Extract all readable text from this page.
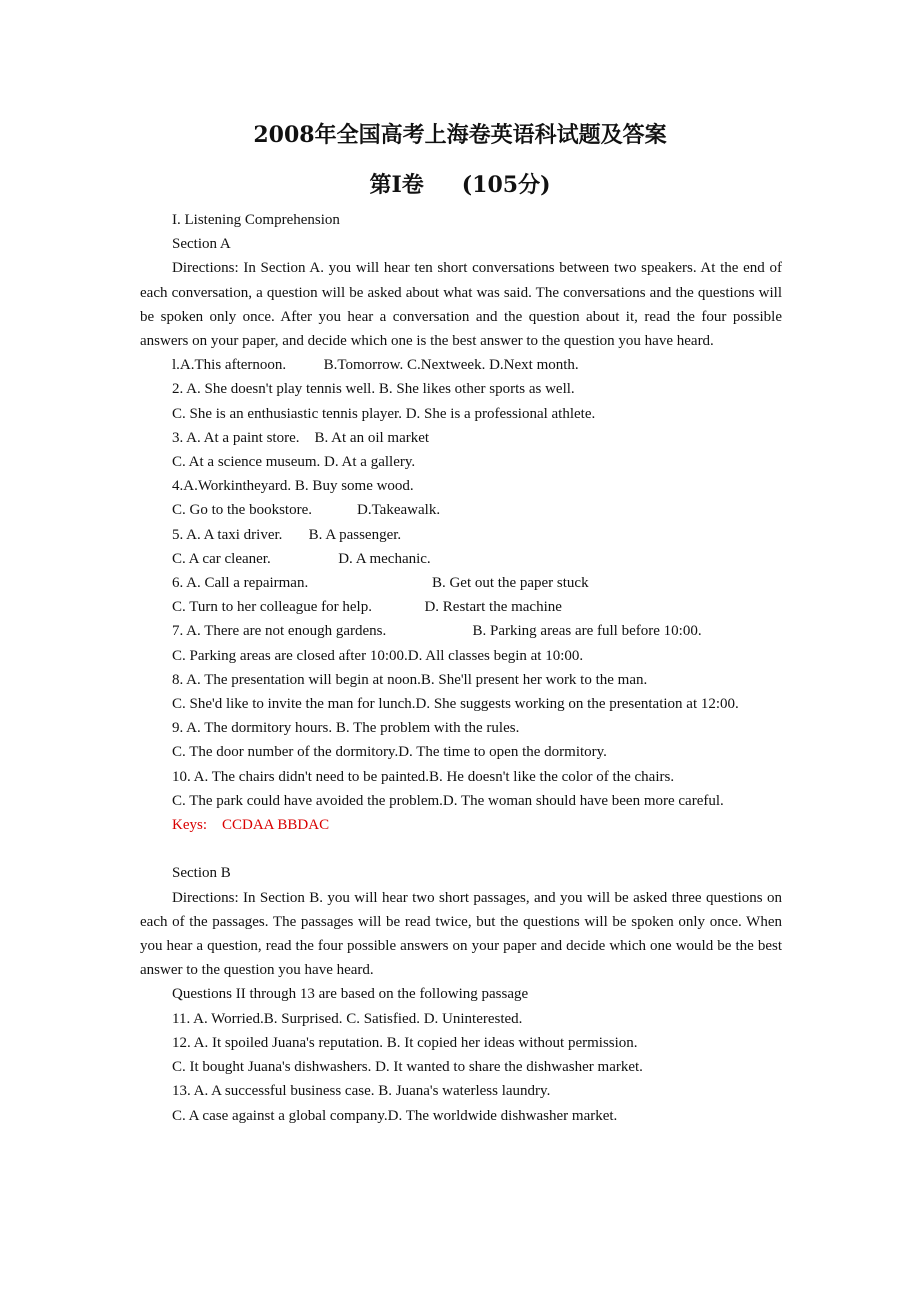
2008年全国高考上海卷英语科试题及答案
第I卷 (105分)

I. Listening Comprehension

Section A

Directions: In Section A. you will hear ten short conversations between two speakers. At the end of each conversation, a question will be asked about what was said. The conversations and the questions will be spoken only once. After you hear a conversation and the question about it, read the four possible answers on your paper, and decide which one is the best answer to the question you have heard.

l.A.This afternoon.          B.Tomorrow. C.Nextweek. D.Next month.

2. A. She doesn't play tennis well. B. She likes other sports as well.

C. She is an enthusiastic tennis player. D. She is a professional athlete.

3. A. At a paint store.    B. At an oil market

C. At a science museum. D. At a gallery.

4.A.Workintheyard. B. Buy some wood.

C. Go to the bookstore.            D.Takeawalk.

5. A. A taxi driver.       B. A passenger.

C. A car cleaner.                  D. A mechanic.

6. A. Call a repairman.                                 B. Get out the paper stuck

C. Turn to her colleague for help.              D. Restart the machine

7. A. There are not enough gardens.                       B. Parking areas are full before 10:00.

C. Parking areas are closed after 10:00.D. All classes begin at 10:00.

8. A. The presentation will begin at noon.B. She'll present her work to the man.

C. She'd like to invite the man for lunch.D. She suggests working on the presentation at 12:00.

9. A. The dormitory hours. B. The problem with the rules.

C. The door number of the dormitory.D. The time to open the dormitory.

10. A. The chairs didn't need to be painted.B. He doesn't like the color of the chairs.

C. The park could have avoided the problem.D. The woman should have been more careful.

Keys:    CCDAA BBDAC

Section B

Directions: In Section B. you will hear two short passages, and you will be asked three questions on each of the passages. The passages will be read twice, but the questions will be spoken only once. When you hear a question, read the four possible answers on your paper and decide which one would be the best answer to the question you have heard.

Questions II through 13 are based on the following passage

11. A. Worried.B. Surprised. C. Satisfied. D. Uninterested.

12. A. It spoiled Juana's reputation. B. It copied her ideas without permission.

C. It bought Juana's dishwashers. D. It wanted to share the dishwasher market.

13. A. A successful business case. B. Juana's waterless laundry.

C. A case against a global company.D. The worldwide dishwasher market.
